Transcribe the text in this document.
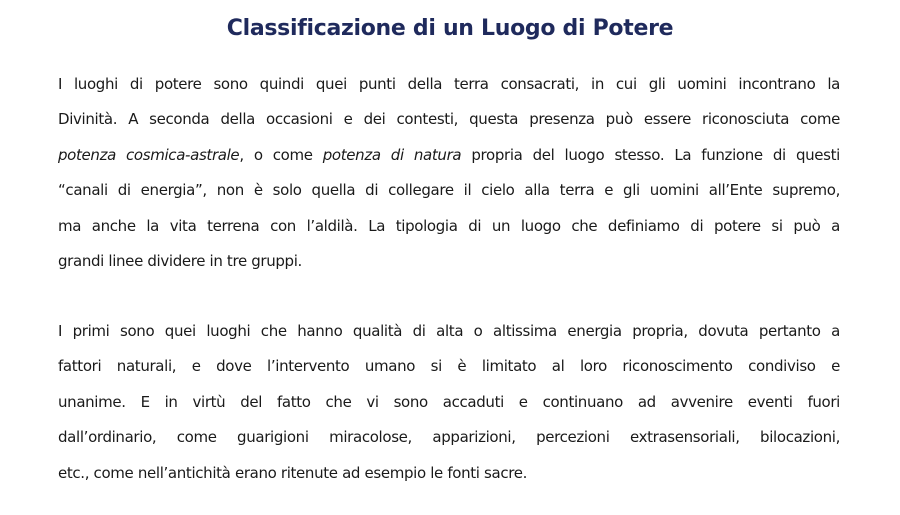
Classificazione di un Luogo di Potere
I luoghi di potere sono quindi quei punti della terra consacrati, in cui gli uomini incontrano la
Divinità. A seconda della occasioni e dei contesti, questa presenza può essere riconosciuta come
potenza cosmica-astrale, o come potenza di natura propria del luogo stesso. La funzione di questi
“canali di energia”, non è solo quella di collegare il cielo alla terra e gli uomini all’Ente supremo,
ma anche la vita terrena con l’aldilà. La tipologia di un luogo che definiamo di potere si può a
grandi linee dividere in tre gruppi.
I primi sono quei luoghi che hanno qualità di alta o altissima energia propria, dovuta pertanto a
fattori naturali, e dove l’intervento umano si è limitato al loro riconoscimento condiviso e
unanime. E in virtù del fatto che vi sono accaduti e continuano ad avvenire eventi fuori
dall’ordinario, come guarigioni miracolose, apparizioni, percezioni extrasensoriali, bilocazioni,
etc., come nell’antichità erano ritenute ad esempio le fonti sacre.
